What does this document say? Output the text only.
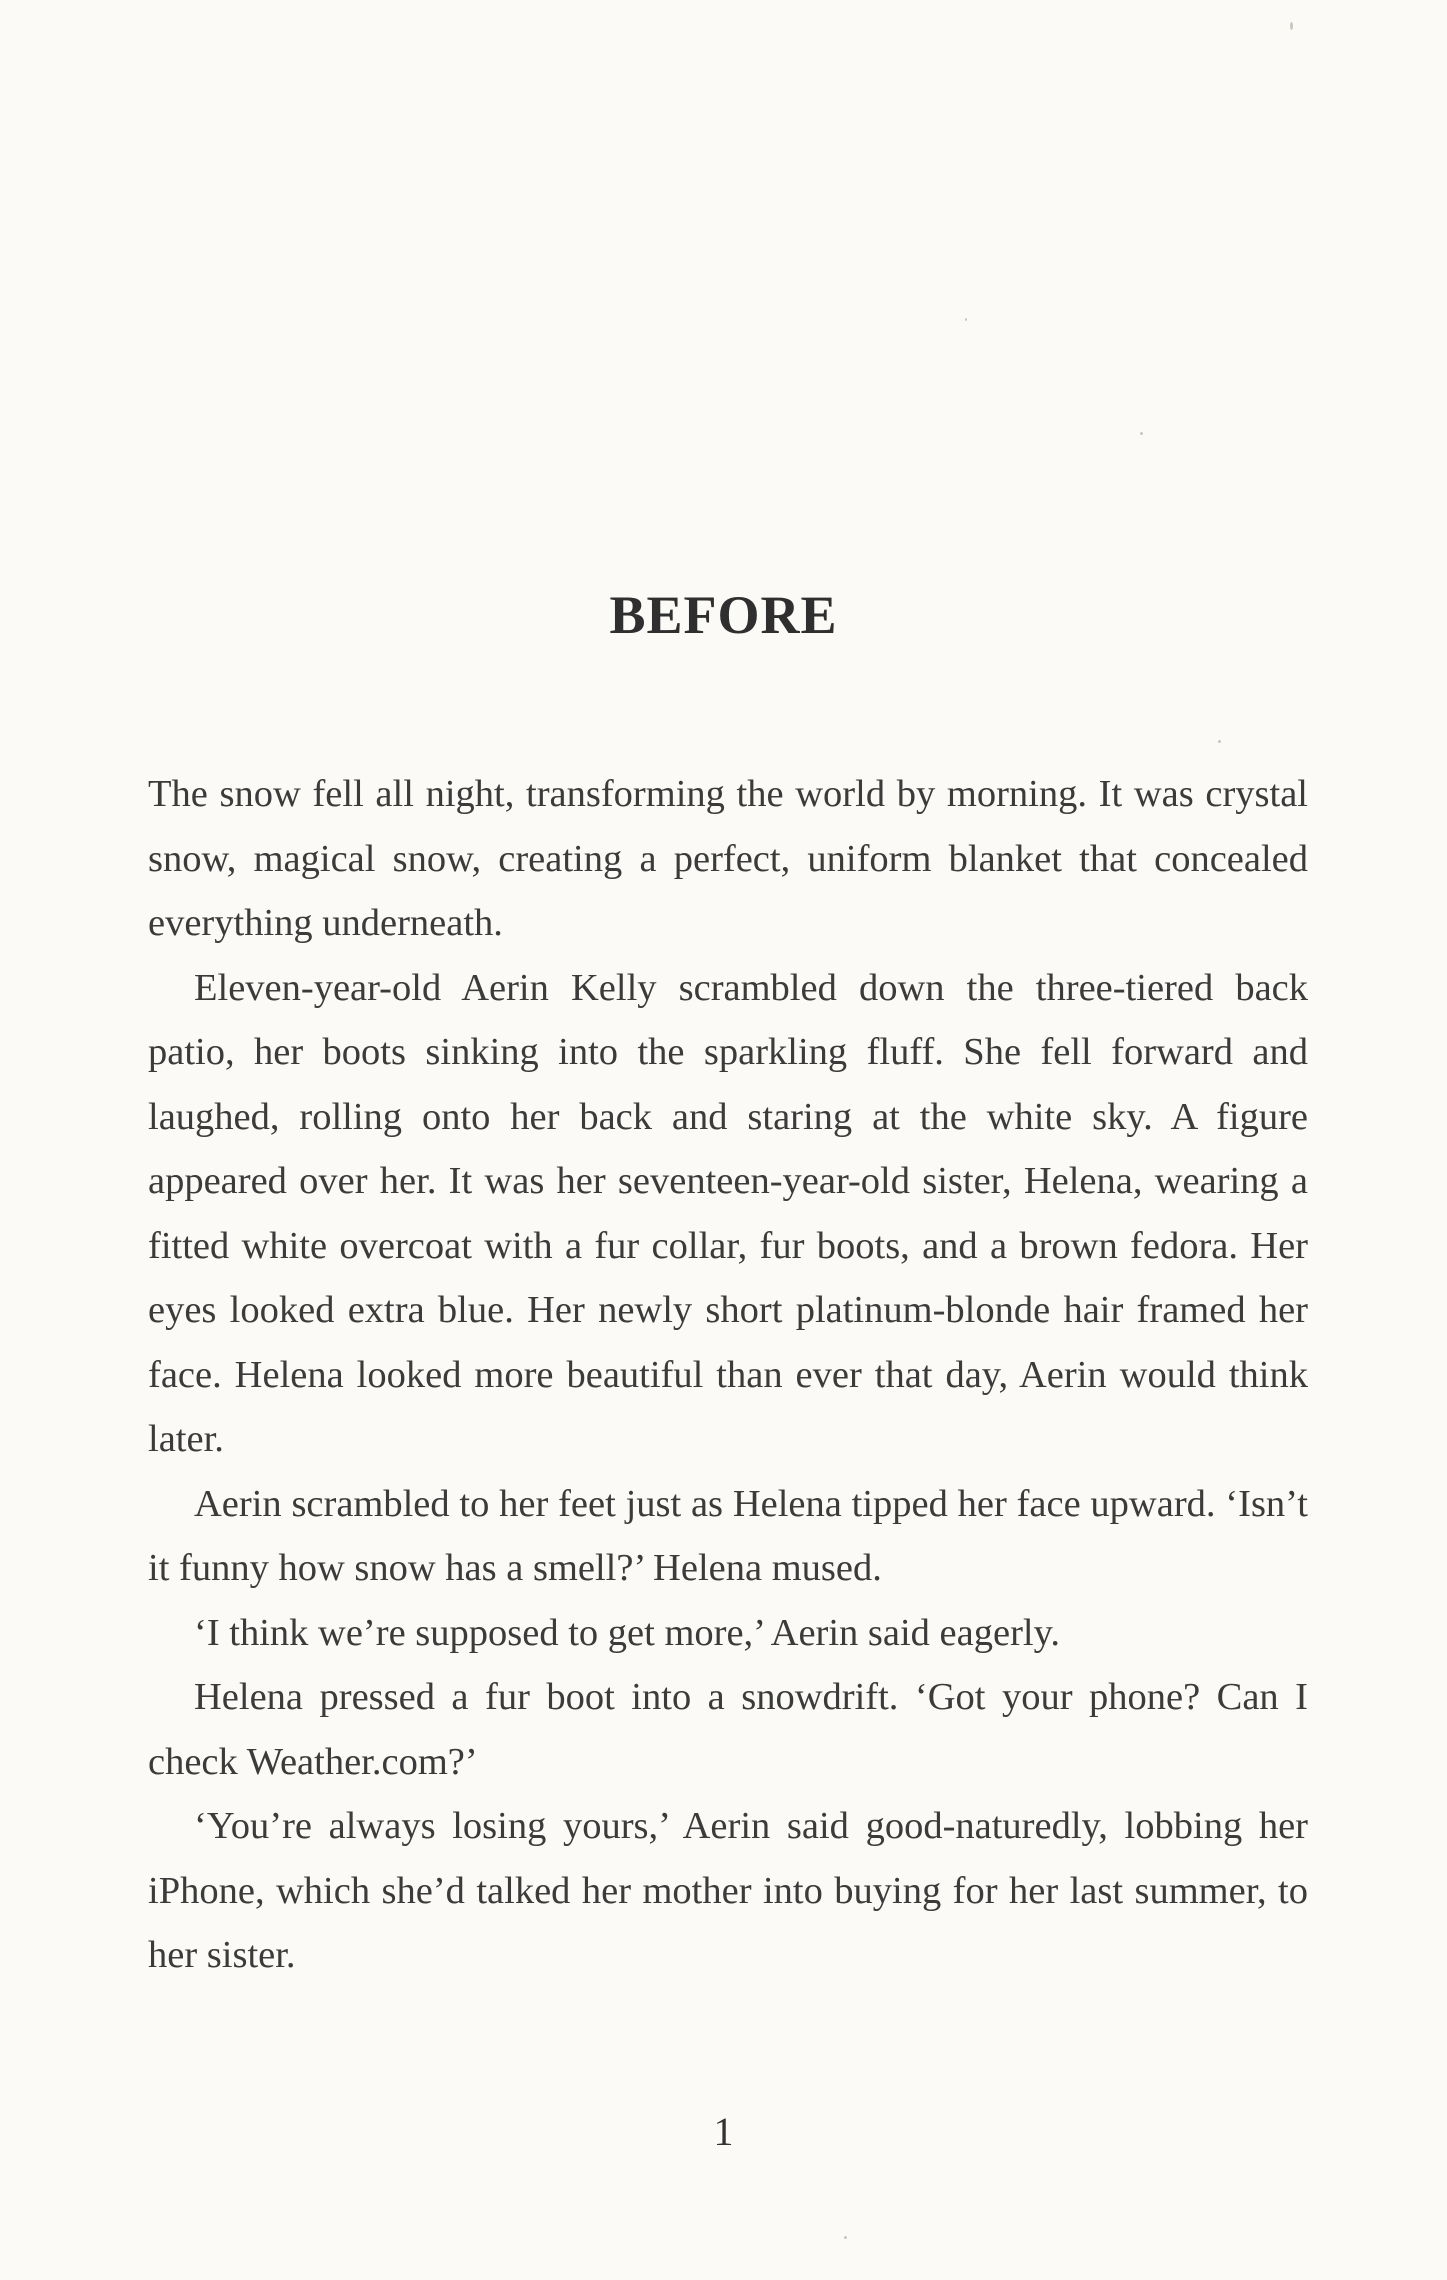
BEFORE

The snow fell all night, transforming the world by morning. It was crystal snow, magical snow, creating a perfect, uniform blanket that concealed everything underneath.

Eleven-year-old Aerin Kelly scrambled down the three-tiered back patio, her boots sinking into the sparkling fluff. She fell forward and laughed, rolling onto her back and staring at the white sky. A figure appeared over her. It was her seventeen-year-old sister, Helena, wearing a fitted white overcoat with a fur collar, fur boots, and a brown fedora. Her eyes looked extra blue. Her newly short platinum-blonde hair framed her face. Helena looked more beautiful than ever that day, Aerin would think later.

Aerin scrambled to her feet just as Helena tipped her face upward. ‘Isn’t it funny how snow has a smell?’ Helena mused.

‘I think we’re supposed to get more,’ Aerin said eagerly.

Helena pressed a fur boot into a snowdrift. ‘Got your phone? Can I check Weather.com?’

‘You’re always losing yours,’ Aerin said good-naturedly, lobbing her iPhone, which she’d talked her mother into buying for her last summer, to her sister.

1
